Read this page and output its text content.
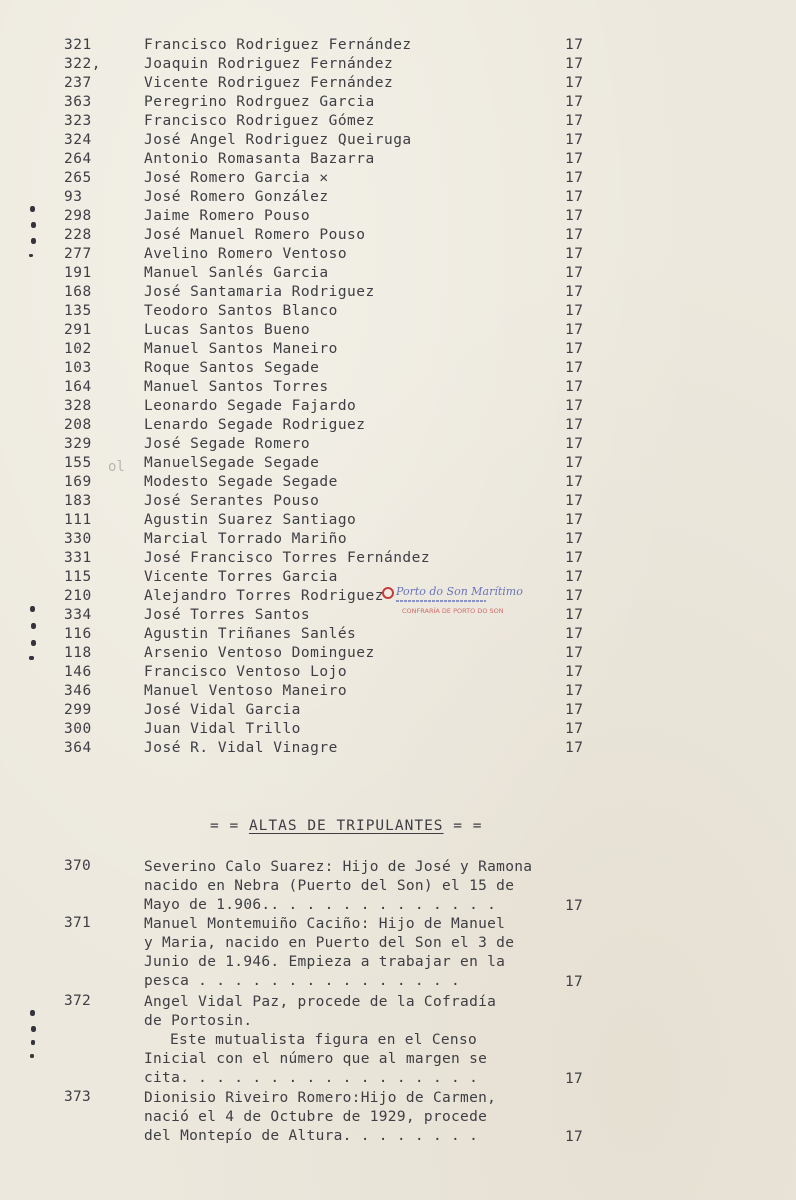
321	Francisco Rodriguez Fernández	17
322,	Joaquin Rodriguez Fernández	17
237	Vicente Rodriguez Fernández	17
363	Peregrino Rodrguez Garcia	17
323	Francisco Rodriguez Gómez	17
324	José Angel Rodriguez Queiruga	17
264	Antonio Romasanta Bazarra	17
265	José Romero Garcia ✕	17
93	José Romero González	17
298	Jaime Romero Pouso	17
228	José Manuel Romero Pouso	17
277	Avelino Romero Ventoso	17
191	Manuel Sanlés Garcia	17
168	José Santamaria Rodriguez	17
135	Teodoro Santos Blanco	17
291	Lucas Santos Bueno	17
102	Manuel Santos Maneiro	17
103	Roque Santos Segade	17
164	Manuel Santos Torres	17
328	Leonardo Segade Fajardo	17
208	Lenardo Segade Rodriguez	17
329	José Segade Romero	17
155	ManuelSegade Segade	17
169	Modesto Segade Segade	17
183	José Serantes Pouso	17
111	Agustin Suarez Santiago	17
330	Marcial Torrado Mariño	17
331	José Francisco Torres Fernández	17
115	Vicente Torres Garcia	17
210	Alejandro Torres Rodriguez	17
334	José Torres Santos	17
116	Agustin Triñanes Sanlés	17
118	Arsenio Ventoso Dominguez	17
146	Francisco Ventoso Lojo	17
346	Manuel Ventoso Maneiro	17
299	José Vidal Garcia	17
300	Juan Vidal Trillo	17
364	José R. Vidal Vinagre	17
ol
Porto do Son Marítimo
CONFRARÍA DE PORTO DO SON
= = ALTAS DE TRIPULANTES = =
370	Severino Calo Suarez: Hijo de José y Ramona
nacido en Nebra (Puerto del Son) el 15 de
Mayo de 1.906.. . . . . . . . . . . . .	17
371	Manuel Montemuiño Caciño: Hijo de Manuel
y Maria, nacido en Puerto del Son el 3 de
Junio de 1.946. Empieza a trabajar en la
pesca . . . . . . . . . . . . . . .	17
372	Angel Vidal Paz, procede de la Cofradía
de Portosin.
Este mutualista figura en el Censo
Inicial con el número que al margen se
cita. . . . . . . . . . . . . . . . .	17
373	Dionisio Riveiro Romero:Hijo de Carmen,
nació el 4 de Octubre de 1929, procede
del Montepío de Altura. . . . . . . .	17
